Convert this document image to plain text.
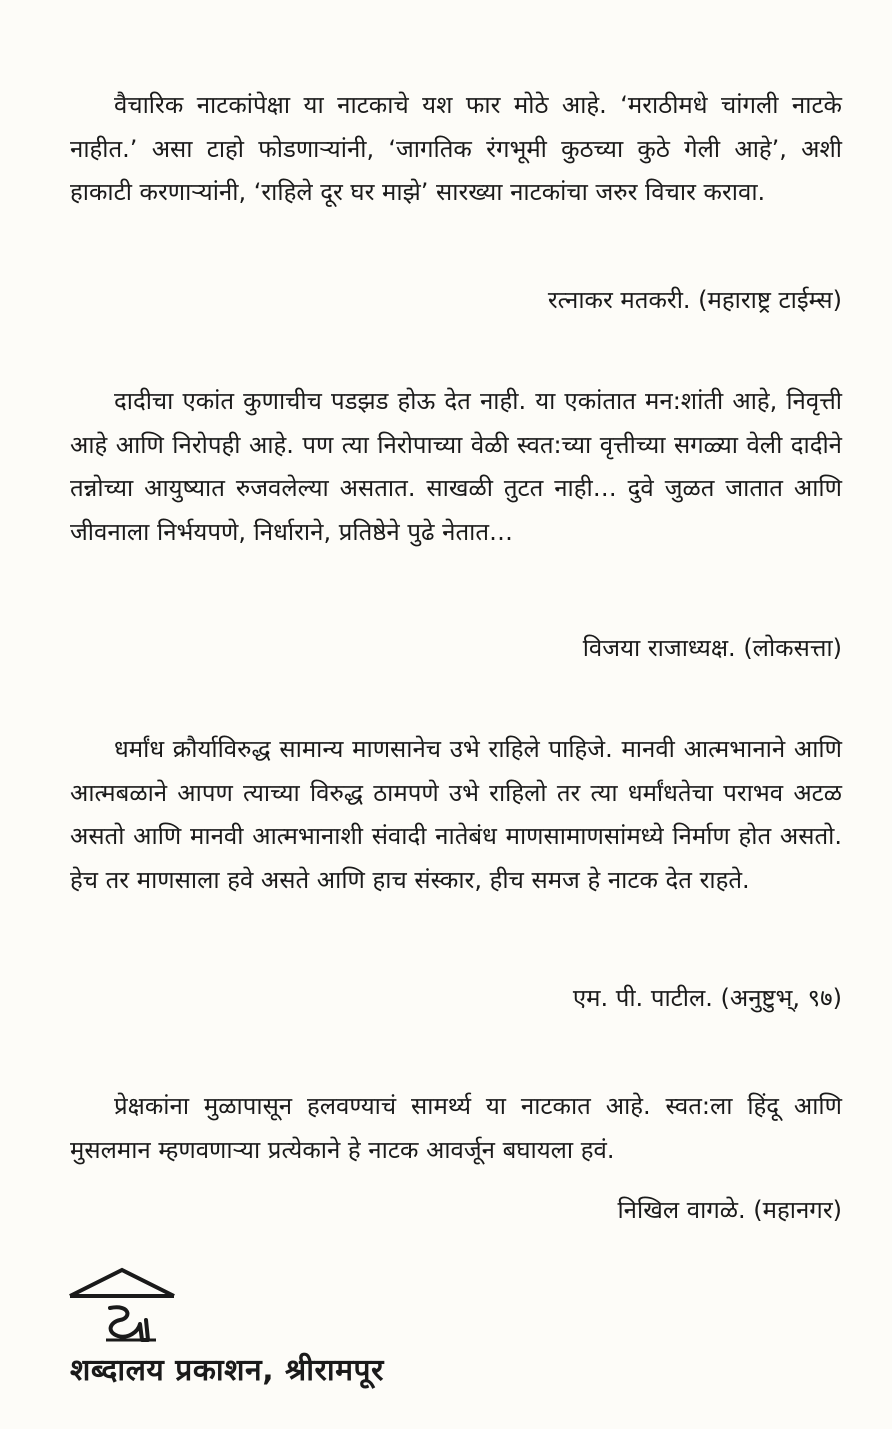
वैचारिक नाटकांपेक्षा या नाटकाचे यश फार मोठे आहे. ‘मराठीमधे चांगली नाटके नाहीत.’ असा टाहो फोडणाऱ्यांनी, ‘जागतिक रंगभूमी कुठच्या कुठे गेली आहे’, अशी हाकाटी करणाऱ्यांनी, ‘राहिले दूर घर माझे’ सारख्या नाटकांचा जरुर विचार करावा.

रत्नाकर मतकरी. (महाराष्ट्र टाईम्स)

दादीचा एकांत कुणाचीच पडझड होऊ देत नाही. या एकांतात मन:शांती आहे, निवृत्ती आहे आणि निरोपही आहे. पण त्या निरोपाच्या वेळी स्वत:च्या वृत्तीच्या सगळ्या वेली दादीने तन्नोच्या आयुष्यात रुजवलेल्या असतात. साखळी तुटत नाही… दुवे जुळत जातात आणि जीवनाला निर्भयपणे, निर्धाराने, प्रतिष्ठेने पुढे नेतात…

विजया राजाध्यक्ष. (लोकसत्ता)

धर्मांध क्रौर्याविरुद्ध सामान्य माणसानेच उभे राहिले पाहिजे. मानवी आत्मभानाने आणि आत्मबळाने आपण त्याच्या विरुद्ध ठामपणे उभे राहिलो तर त्या धर्मांधतेचा पराभव अटळ असतो आणि मानवी आत्मभानाशी संवादी नातेबंध माणसामाणसांमध्ये निर्माण होत असतो. हेच तर माणसाला हवे असते आणि हाच संस्कार, हीच समज हे नाटक देत राहते.

एम. पी. पाटील. (अनुष्टुभ्, ९७)

प्रेक्षकांना मुळापासून हलवण्याचं सामर्थ्य या नाटकात आहे. स्वत:ला हिंदू आणि मुसलमान म्हणवणाऱ्या प्रत्येकाने हे नाटक आवर्जून बघायला हवं.

निखिल वागळे. (महानगर)

शब्दालय प्रकाशन, श्रीरामपूर
